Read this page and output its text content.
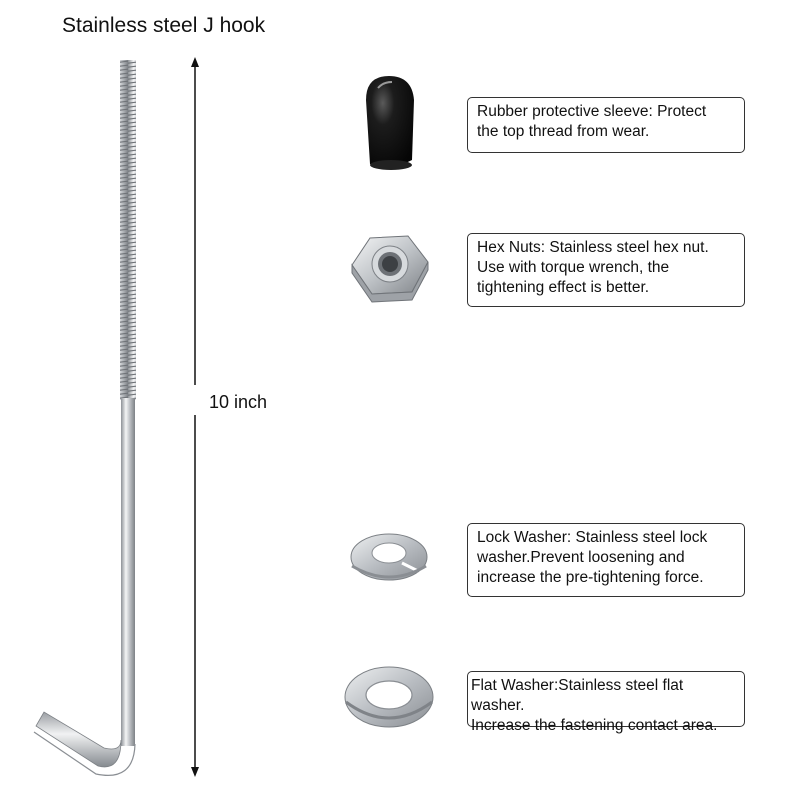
Stainless steel J hook
10 inch
Rubber protective sleeve: Protect
the top thread from wear.
Hex Nuts: Stainless steel hex nut.
Use with torque wrench, the
tightening effect is better.
Lock Washer: Stainless steel lock
washer.Prevent loosening and
increase the pre-tightening force.
Flat Washer:Stainless steel flat washer.
Increase the fastening contact area.
